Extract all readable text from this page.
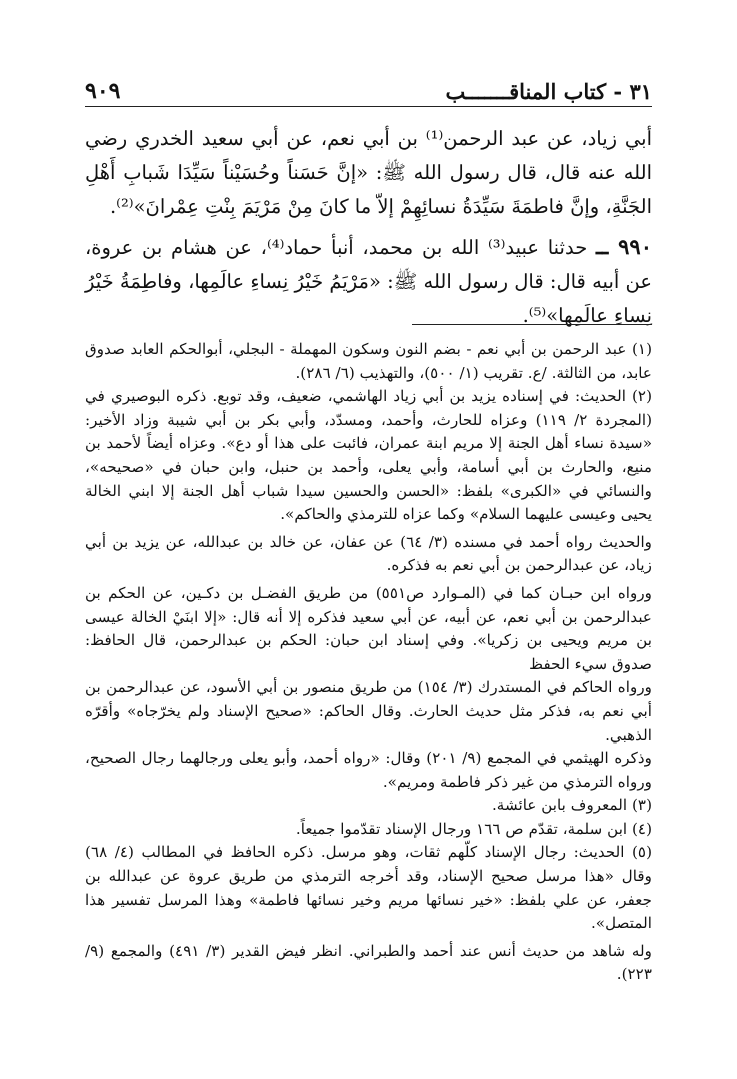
٣١ - كتاب المناقـــــــب
٩٠٩

أبي زياد، عن عبد الرحمن⁽¹⁾ بن أبي نعم، عن أبي سعيد الخدري رضي الله عنه قال، قال رسول الله ﷺ: «إنَّ حَسَناً وحُسَيْناً سَيِّدَا شَبابِ أَهْلِ الجَنَّةِ، وإنَّ فاطمَةَ سَيِّدَةُ نسائِهِمْ إلاّ ما كانَ مِنْ مَرْيَمَ بِنْتِ عِمْرانَ»⁽²⁾.

٩٩٠ ــ حدثنا عبيد⁽³⁾ الله بن محمد، أنبأ حماد⁽⁴⁾، عن هشام بن عروة، عن أبيه قال: قال رسول الله ﷺ: «مَرْيَمُ خَيْرُ نِساءِ عالَمِها، وفاطِمَةُ خَيْرُ نِساءِ عالَمِها»⁽⁵⁾.

(١) عبد الرحمن بن أبي نعم - بضم النون وسكون المهملة - البجلي، أبوالحكم العابد صدوق عابد، من الثالثة. /ع. تقريب (١/ ٥٠٠)، والتهذيب (٦/ ٢٨٦).

(٢) الحديث: في إسناده يزيد بن أبي زياد الهاشمي، ضعيف، وقد توبع. ذكره البوصيري في (المجردة ٢/ ١١٩) وعزاه للحارث، وأحمد، ومسدّد، وأبي بكر بن أبي شيبة وزاد الأخير: «سيدة نساء أهل الجنة إلا مريم ابنة عمران، فائبت على هذا أو دع». وعزاه أيضاً لأحمد بن منيع، والحارث بن أبي أسامة، وأبي يعلى، وأحمد بن حنبل، وابن حبان في «صحيحه»، والنسائي في «الكبرى» بلفظ: «الحسن والحسين سيدا شباب أهل الجنة إلا ابني الخالة يحيى وعيسى عليهما السلام» وكما عزاه للترمذي والحاكم».

والحديث رواه أحمد في مسنده (٣/ ٦٤) عن عفان، عن خالد بن عبدالله، عن يزيد بن أبي زياد، عن عبدالرحمن بن أبي نعم به فذكره.

ورواه ابن حبـان كما في (المـوارد ص٥٥١) من طريق الفضـل بن دكـين، عن الحكم بن عبدالرحمن بن أبي نعم، عن أبيه، عن أبي سعيد فذكره إلا أنه قال: «إلا ابنَيْ الخالة عيسى بن مريم ويحيى بن زكريا». وفي إسناد ابن حبان: الحكم بن عبدالرحمن، قال الحافظ: صدوق سيء الحفظ

ورواه الحاكم في المستدرك (٣/ ١٥٤) من طريق منصور بن أبي الأسود، عن عبدالرحمن بن أبي نعم به، فذكر مثل حديث الحارث. وقال الحاكم: «صحيح الإسناد ولم يخرّجاه» وأقرّه الذهبي.

وذكره الهيثمي في المجمع (٩/ ٢٠١) وقال: «رواه أحمد، وأبو يعلى ورجالهما رجال الصحيح، ورواه الترمذي من غير ذكر فاطمة ومريم».

(٣) المعروف بابن عائشة.

(٤) ابن سلمة، تقدّم ص ١٦٦ ورجال الإسناد تقدّموا جميعاً.

(٥) الحديث: رجال الإسناد كلّهم ثقات، وهو مرسل. ذكره الحافظ في المطالب (٤/ ٦٨) وقال «هذا مرسل صحيح الإسناد، وقد أخرجه الترمذي من طريق عروة عن عبدالله بن جعفر، عن علي بلفظ: «خير نسائها مريم وخير نسائها فاطمة» وهذا المرسل تفسير هذا المتصل».

وله شاهد من حديث أنس عند أحمد والطبراني. انظر فيض القدير (٣/ ٤٩١) والمجمع (٩/ ٢٢٣).
